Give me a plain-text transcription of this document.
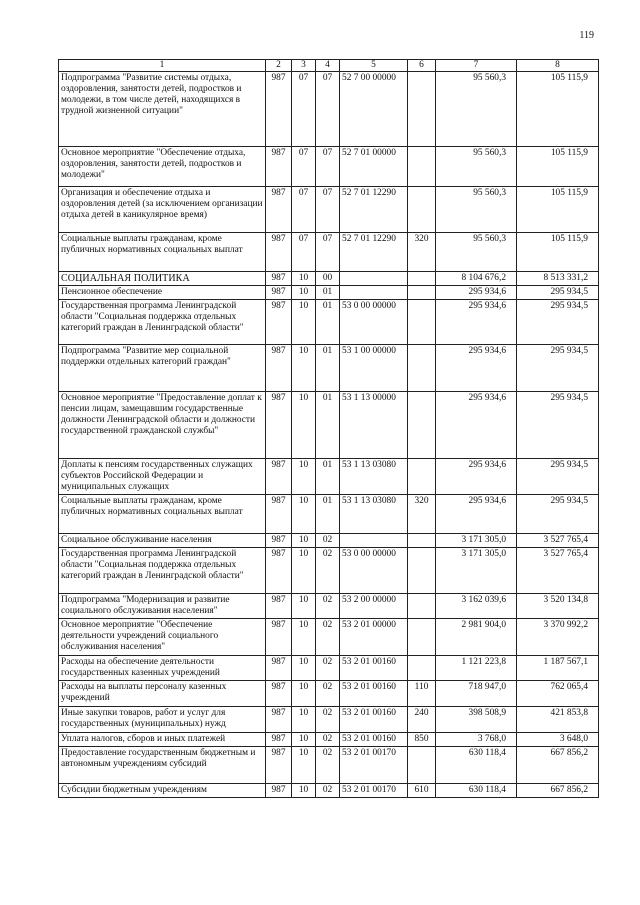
119
1	2	3	4	5	6	7	8
Подпрограмма "Развитие системы отдыха, оздоровления, занятости детей, подростков и молодежи, в том числе детей, находящихся в трудной жизненной ситуации"	987	07	07	52 7 00 00000		95 560,3	105 115,9
Основное мероприятие "Обеспечение отдыха, оздоровления, занятости детей, подростков и молодежи"	987	07	07	52 7 01 00000		95 560,3	105 115,9
Организация и обеспечение отдыха и оздоровления детей (за исключением организации отдыха детей в каникулярное время)	987	07	07	52 7 01 12290		95 560,3	105 115,9
Социальные выплаты гражданам, кроме публичных нормативных социальных выплат	987	07	07	52 7 01 12290	320	95 560,3	105 115,9
СОЦИАЛЬНАЯ ПОЛИТИКА	987	10	00			8 104 676,2	8 513 331,2
Пенсионное обеспечение	987	10	01			295 934,6	295 934,5
Государственная программа Ленинградской области "Социальная поддержка отдельных категорий граждан в Ленинградской области"	987	10	01	53 0 00 00000		295 934,6	295 934,5
Подпрограмма "Развитие мер социальной поддержки отдельных категорий граждан"	987	10	01	53 1 00 00000		295 934,6	295 934,5
Основное мероприятие "Предоставление доплат к пенсии лицам, замещавшим государственные должности Ленинградской области и должности государственной гражданской службы"	987	10	01	53 1 13 00000		295 934,6	295 934,5
Доплаты к пенсиям государственных служащих субъектов Российской Федерации и муниципальных служащих	987	10	01	53 1 13 03080		295 934,6	295 934,5
Социальные выплаты гражданам, кроме публичных нормативных социальных выплат	987	10	01	53 1 13 03080	320	295 934,6	295 934,5
Социальное обслуживание населения	987	10	02			3 171 305,0	3 527 765,4
Государственная программа Ленинградской области "Социальная поддержка отдельных категорий граждан в Ленинградской области"	987	10	02	53 0 00 00000		3 171 305,0	3 527 765,4
Подпрограмма "Модернизация и развитие социального обслуживания населения"	987	10	02	53 2 00 00000		3 162 039,6	3 520 134,8
Основное мероприятие "Обеспечение деятельности учреждений социального обслуживания населения"	987	10	02	53 2 01 00000		2 981 904,0	3 370 992,2
Расходы на обеспечение деятельности государственных казенных учреждений	987	10	02	53 2 01 00160		1 121 223,8	1 187 567,1
Расходы на выплаты персоналу казенных учреждений	987	10	02	53 2 01 00160	110	718 947,0	762 065,4
Иные закупки товаров, работ и услуг для государственных (муниципальных) нужд	987	10	02	53 2 01 00160	240	398 508,9	421 853,8
Уплата налогов, сборов и иных платежей	987	10	02	53 2 01 00160	850	3 768,0	3 648,0
Предоставление государственным бюджетным и автономным учреждениям субсидий	987	10	02	53 2 01 00170		630 118,4	667 856,2
Субсидии бюджетным учреждениям	987	10	02	53 2 01 00170	610	630 118,4	667 856,2
